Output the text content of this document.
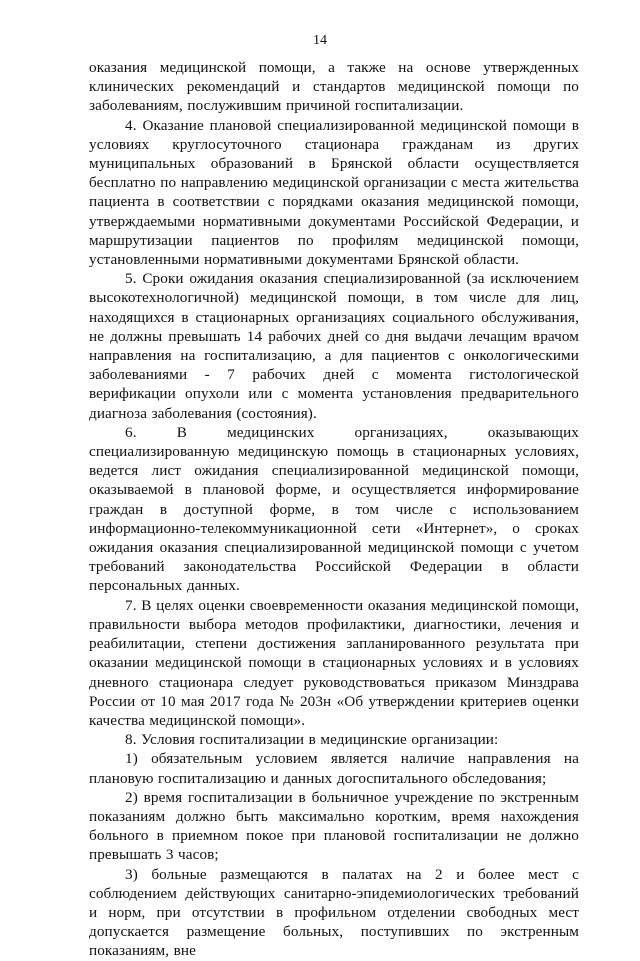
14

оказания медицинской помощи, а также на основе утвержденных клинических рекомендаций и стандартов медицинской помощи по заболеваниям, послужившим причиной госпитализации.

4. Оказание плановой специализированной медицинской помощи в условиях круглосуточного стационара гражданам из других муниципальных образований в Брянской области осуществляется бесплатно по направлению медицинской организации с места жительства пациента в соответствии с порядками оказания медицинской помощи, утверждаемыми нормативными документами Российской Федерации, и маршрутизации пациентов по профилям медицинской помощи, установленными нормативными документами Брянской области.

5. Сроки ожидания оказания специализированной (за исключением высокотехнологичной) медицинской помощи, в том числе для лиц, находящихся в стационарных организациях социального обслуживания, не должны превышать 14 рабочих дней со дня выдачи лечащим врачом направления на госпитализацию, а для пациентов с онкологическими заболеваниями - 7 рабочих дней с момента гистологической верификации опухоли или с момента установления предварительного диагноза заболевания (состояния).

6. В медицинских организациях, оказывающих специализированную медицинскую помощь в стационарных условиях, ведется лист ожидания специализированной медицинской помощи, оказываемой в плановой форме, и осуществляется информирование граждан в доступной форме, в том числе с использованием информационно-телекоммуникационной сети «Интернет», о сроках ожидания оказания специализированной медицинской помощи с учетом требований законодательства Российской Федерации в области персональных данных.

7. В целях оценки своевременности оказания медицинской помощи, правильности выбора методов профилактики, диагностики, лечения и реабилитации, степени достижения запланированного результата при оказании медицинской помощи в стационарных условиях и в условиях дневного стационара следует руководствоваться приказом Минздрава России от 10 мая 2017 года № 203н «Об утверждении критериев оценки качества медицинской помощи».

8. Условия госпитализации в медицинские организации:

1) обязательным условием является наличие направления на плановую госпитализацию и данных догоспитального обследования;

2) время госпитализации в больничное учреждение по экстренным показаниям должно быть максимально коротким, время нахождения больного в приемном покое при плановой госпитализации не должно превышать 3 часов;

3) больные размещаются в палатах на 2 и более мест с соблюдением действующих санитарно-эпидемиологических требований и норм, при отсутствии в профильном отделении свободных мест допускается размещение больных, поступивших по экстренным показаниям, вне
